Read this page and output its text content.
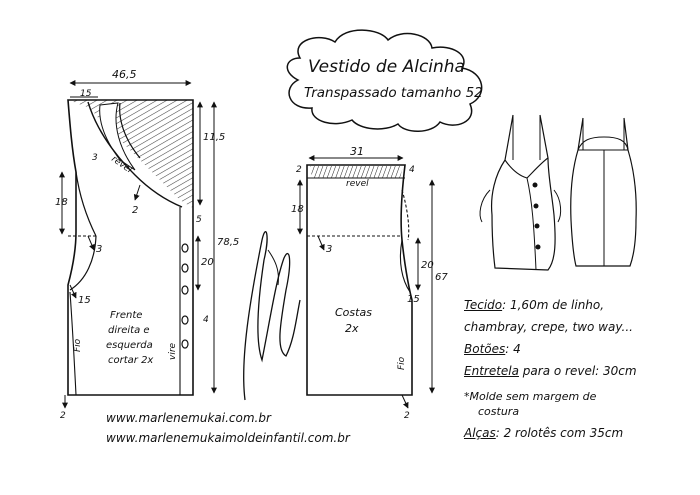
Vestido de Alcinha
Transpassado tamanho 52
46,5
15
11,5
78,5
20
18
revel
3
2
5
3
15
2
4
Frente
direita e
esquerda
cortar 2x
Fio	vire
31
2
revel
4
18
20
67
3
15
Costas
2x
Fio
2
www.marlenemukai.com.br
www.marlenemukaimoldeinfantil.com.br
Tecido: 1,60m de linho,
chambray, crepe, two way...
Botões: 4
Entretela para o revel: 30cm
*Molde sem margem de
costura
Alças: 2 rolotês com 35cm
